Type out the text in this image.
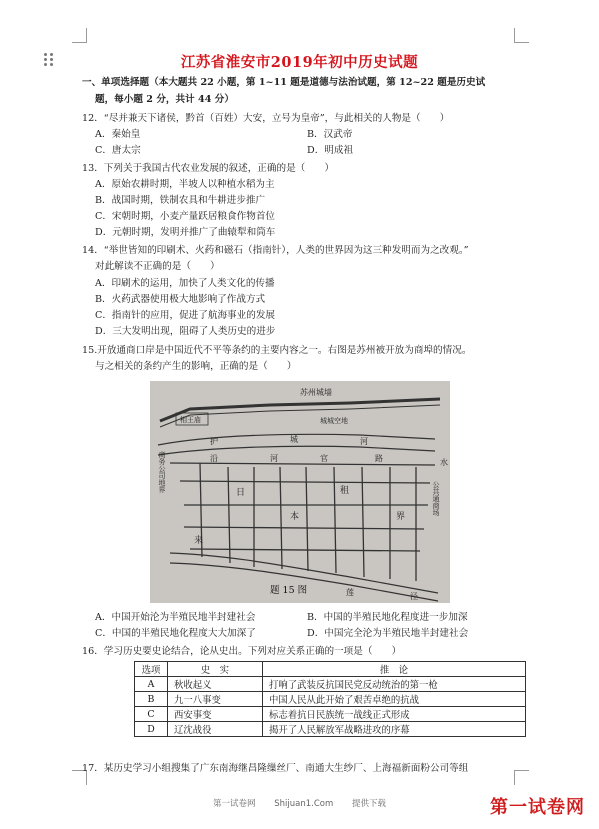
江苏省淮安市2019年初中历史试题
一、单项选择题（本大题共 22 小题，第 1~11 题是道德与法治试题，第 12~22 题是历史试
题，每小题 2 分，共计 44 分）
12．“尽并兼天下诸侯，黔首（百姓）大安，立号为皇帝”，与此相关的人物是（　　）
A．秦始皇	B．汉武帝
C．唐太宗	D．明成祖
13．下列关于我国古代农业发展的叙述，正确的是（　　）
A．原始农耕时期，半坡人以种植水稻为主
B．战国时期，铁制农具和牛耕进步推广
C．宋朝时期，小麦产量跃居粮食作物首位
D．元朝时期，发明并推广了曲辕犁和筒车
14．“举世皆知的印刷术、火药和磁石（指南针），人类的世界因为这三种发明而为之改观。”
对此解读不正确的是（　　）
A．印刷术的运用，加快了人类文化的传播
B．火药武器使用极大地影响了作战方式
C．指南针的应用，促进了航海事业的发展
D．三大发明出现，阻碍了人类历史的进步
15.开放通商口岸是中国近代不平等条约的主要内容之一。右图是苏州被开放为商埠的情况。
与之相关的条约产生的影响，正确的是（　　）
苏州城墙
相王庙	城城空地
护	城	河
商务公司地界	沿	河	官	路	水
公共通商场
日
本
租
界
来
莲	泾
题 15 图
A．中国开始沦为半殖民地半封建社会	B．中国的半殖民地化程度进一步加深
C．中国的半殖民地化程度大大加深了	D．中国完全沦为半殖民地半封建社会
16．学习历史要史论结合，论从史出。下列对应关系正确的一项是（　　）
选项	史　实	推　论
A	秋收起义	打响了武装反抗国民党反动统治的第一枪
B	九一八事变	中国人民从此开始了艰苦卓绝的抗战
C	西安事变	标志着抗日民族统一战线正式形成
D	辽沈战役	揭开了人民解放军战略进攻的序幕
17．某历史学习小组搜集了广东南海继昌隆缫丝厂、南通大生纱厂、上海福新面粉公司等组
第一试卷网 Shijuan1.Com 提供下载	第一试卷网
